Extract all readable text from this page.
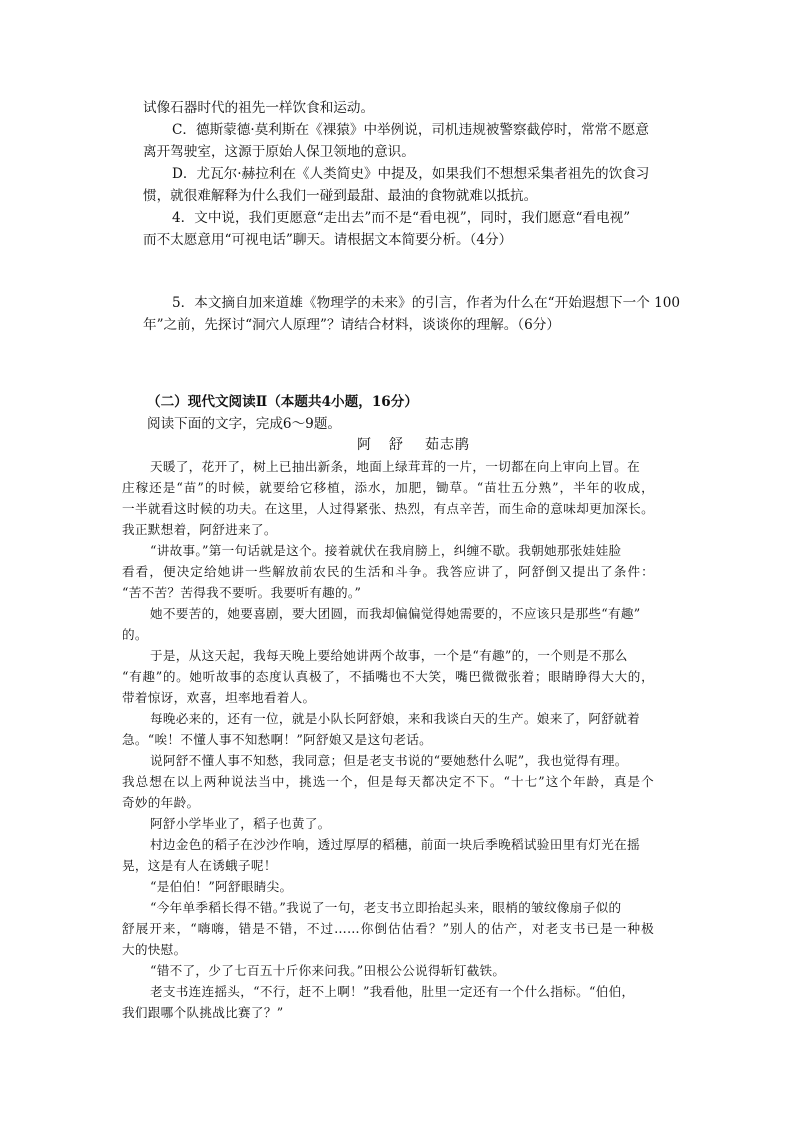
试像石器时代的祖先一样饮食和运动。

C．德斯蒙德·莫利斯在《裸猿》中举例说，司机违规被警察截停时，常常不愿意

离开驾驶室，这源于原始人保卫领地的意识。

D．尤瓦尔·赫拉利在《人类简史》中提及，如果我们不想想采集者祖先的饮食习

惯，就很难解释为什么我们一碰到最甜、最油的食物就难以抵抗。

4．文中说，我们更愿意“走出去”而不是“看电视”，同时，我们愿意“看电视”

而不太愿意用“可视电话”聊天。请根据文本简要分析。（4分）

5．本文摘自加来道雄《物理学的未来》的引言，作者为什么在“开始遐想下一个 100

年”之前，先探讨“洞穴人原理”？请结合材料，谈谈你的理解。（6分）

（二）现代文阅读Ⅱ（本题共4小题，16分）

阅读下面的文字，完成6～9题。

阿  舒 茹志鹃

天暖了，花开了，树上已抽出新条，地面上绿茸茸的一片，一切都在向上审向上冒。在

庄稼还是“苗”的时候，就要给它移植，添水，加肥，锄草。“苗壮五分熟”，半年的收成，

一半就看这时候的功夫。在这里，人过得紧张、热烈，有点辛苦，而生命的意味却更加深长。

我正默想着，阿舒进来了。

“讲故事。”第一句话就是这个。接着就伏在我肩膀上，纠缠不歇。我朝她那张娃娃脸

看看，便决定给她讲一些解放前农民的生活和斗争。我答应讲了，阿舒倒又提出了条件：

“苦不苦？苦得我不要听。我要听有趣的。”

她不要苦的，她要喜剧，要大团圆，而我却偏偏觉得她需要的，不应该只是那些“有趣”

的。

于是，从这天起，我每天晚上要给她讲两个故事，一个是“有趣”的，一个则是不那么

“有趣”的。她听故事的态度认真极了，不插嘴也不大笑，嘴巴微微张着；眼睛睁得大大的，

带着惊讶，欢喜，坦率地看着人。

每晚必来的，还有一位，就是小队长阿舒娘，来和我谈白天的生产。娘来了，阿舒就着

急。“唉！不懂人事不知愁啊！”阿舒娘又是这句老话。

说阿舒不懂人事不知愁，我同意；但是老支书说的“要她愁什么呢”，我也觉得有理。

我总想在以上两种说法当中，挑选一个，但是每天都决定不下。“十七”这个年龄，真是个

奇妙的年龄。

阿舒小学毕业了，稻子也黄了。

村边金色的稻子在沙沙作响，透过厚厚的稻穗，前面一块后季晚稻试验田里有灯光在摇

晃，这是有人在诱蛾子呢！

“是伯伯！”阿舒眼睛尖。

“今年单季稻长得不错。”我说了一句，老支书立即抬起头来，眼梢的皱纹像扇子似的

舒展开来，“嗨嗨，错是不错，不过……你倒估估看？”别人的估产，对老支书已是一种极

大的快慰。

“错不了，少了七百五十斤你来问我。”田根公公说得斩钉截铁。

老支书连连摇头，“不行，赶不上啊！”我看他，肚里一定还有一个什么指标。“伯伯，

我们跟哪个队挑战比赛了？”
